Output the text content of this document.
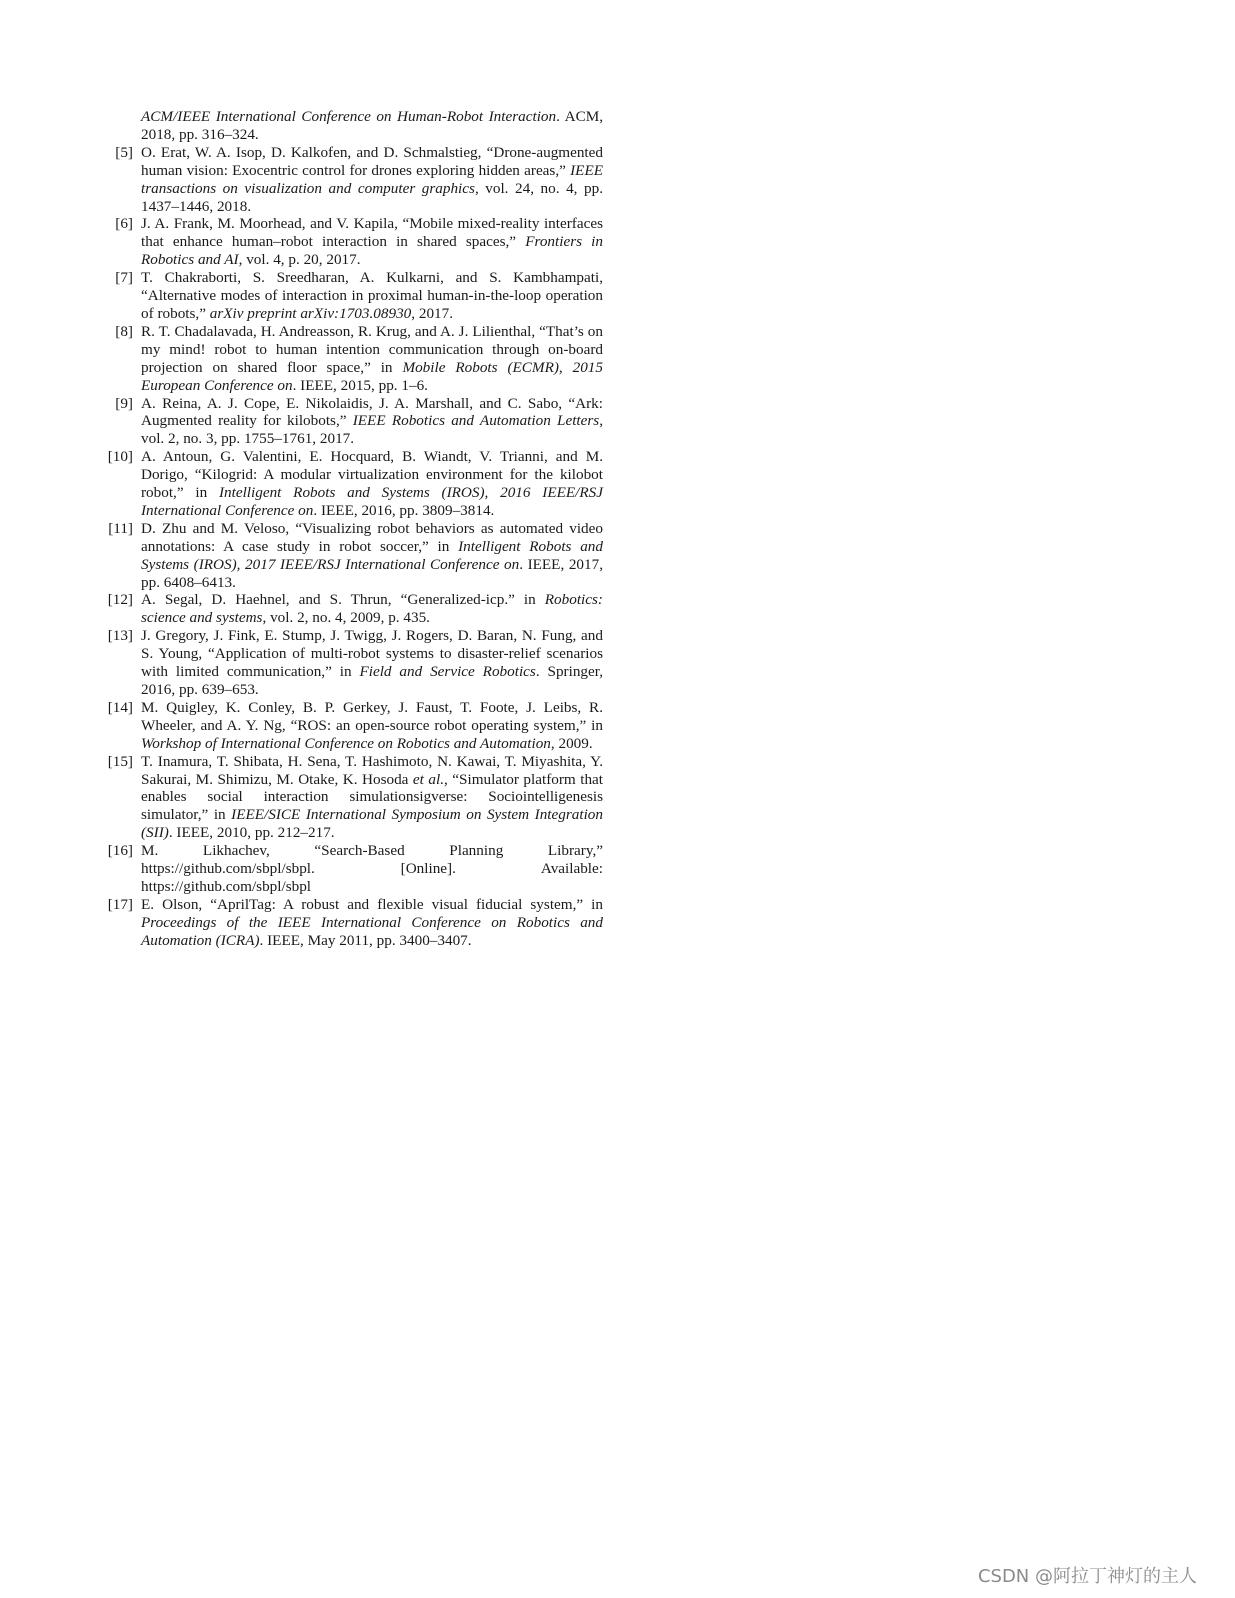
ACM/IEEE International Conference on Human-Robot Interaction. ACM, 2018, pp. 316–324.
[5] O. Erat, W. A. Isop, D. Kalkofen, and D. Schmalstieg, “Drone-augmented human vision: Exocentric control for drones exploring hidden areas,” IEEE transactions on visualization and computer graphics, vol. 24, no. 4, pp. 1437–1446, 2018.
[6] J. A. Frank, M. Moorhead, and V. Kapila, “Mobile mixed-reality interfaces that enhance human–robot interaction in shared spaces,” Frontiers in Robotics and AI, vol. 4, p. 20, 2017.
[7] T. Chakraborti, S. Sreedharan, A. Kulkarni, and S. Kambhampati, “Alternative modes of interaction in proximal human-in-the-loop operation of robots,” arXiv preprint arXiv:1703.08930, 2017.
[8] R. T. Chadalavada, H. Andreasson, R. Krug, and A. J. Lilienthal, “That’s on my mind! robot to human intention communication through on-board projection on shared floor space,” in Mobile Robots (ECMR), 2015 European Conference on. IEEE, 2015, pp. 1–6.
[9] A. Reina, A. J. Cope, E. Nikolaidis, J. A. Marshall, and C. Sabo, “Ark: Augmented reality for kilobots,” IEEE Robotics and Automation Letters, vol. 2, no. 3, pp. 1755–1761, 2017.
[10] A. Antoun, G. Valentini, E. Hocquard, B. Wiandt, V. Trianni, and M. Dorigo, “Kilogrid: A modular virtualization environment for the kilobot robot,” in Intelligent Robots and Systems (IROS), 2016 IEEE/RSJ International Conference on. IEEE, 2016, pp. 3809–3814.
[11] D. Zhu and M. Veloso, “Visualizing robot behaviors as automated video annotations: A case study in robot soccer,” in Intelligent Robots and Systems (IROS), 2017 IEEE/RSJ International Conference on. IEEE, 2017, pp. 6408–6413.
[12] A. Segal, D. Haehnel, and S. Thrun, “Generalized-icp.” in Robotics: science and systems, vol. 2, no. 4, 2009, p. 435.
[13] J. Gregory, J. Fink, E. Stump, J. Twigg, J. Rogers, D. Baran, N. Fung, and S. Young, “Application of multi-robot systems to disaster-relief scenarios with limited communication,” in Field and Service Robotics. Springer, 2016, pp. 639–653.
[14] M. Quigley, K. Conley, B. P. Gerkey, J. Faust, T. Foote, J. Leibs, R. Wheeler, and A. Y. Ng, “ROS: an open-source robot operating system,” in Workshop of International Conference on Robotics and Automation, 2009.
[15] T. Inamura, T. Shibata, H. Sena, T. Hashimoto, N. Kawai, T. Miyashita, Y. Sakurai, M. Shimizu, M. Otake, K. Hosoda et al., “Simulator platform that enables social interaction simulationsigverse: Sociointelligenesis simulator,” in IEEE/SICE International Symposium on System Integration (SII). IEEE, 2010, pp. 212–217.
[16] M. Likhachev, “Search-Based Planning Library,” https://github.com/sbpl/sbpl. [Online]. Available: https://github.com/sbpl/sbpl
[17] E. Olson, “AprilTag: A robust and flexible visual fiducial system,” in Proceedings of the IEEE International Conference on Robotics and Automation (ICRA). IEEE, May 2011, pp. 3400–3407.
CSDN @阿拉丁神灯的主人
